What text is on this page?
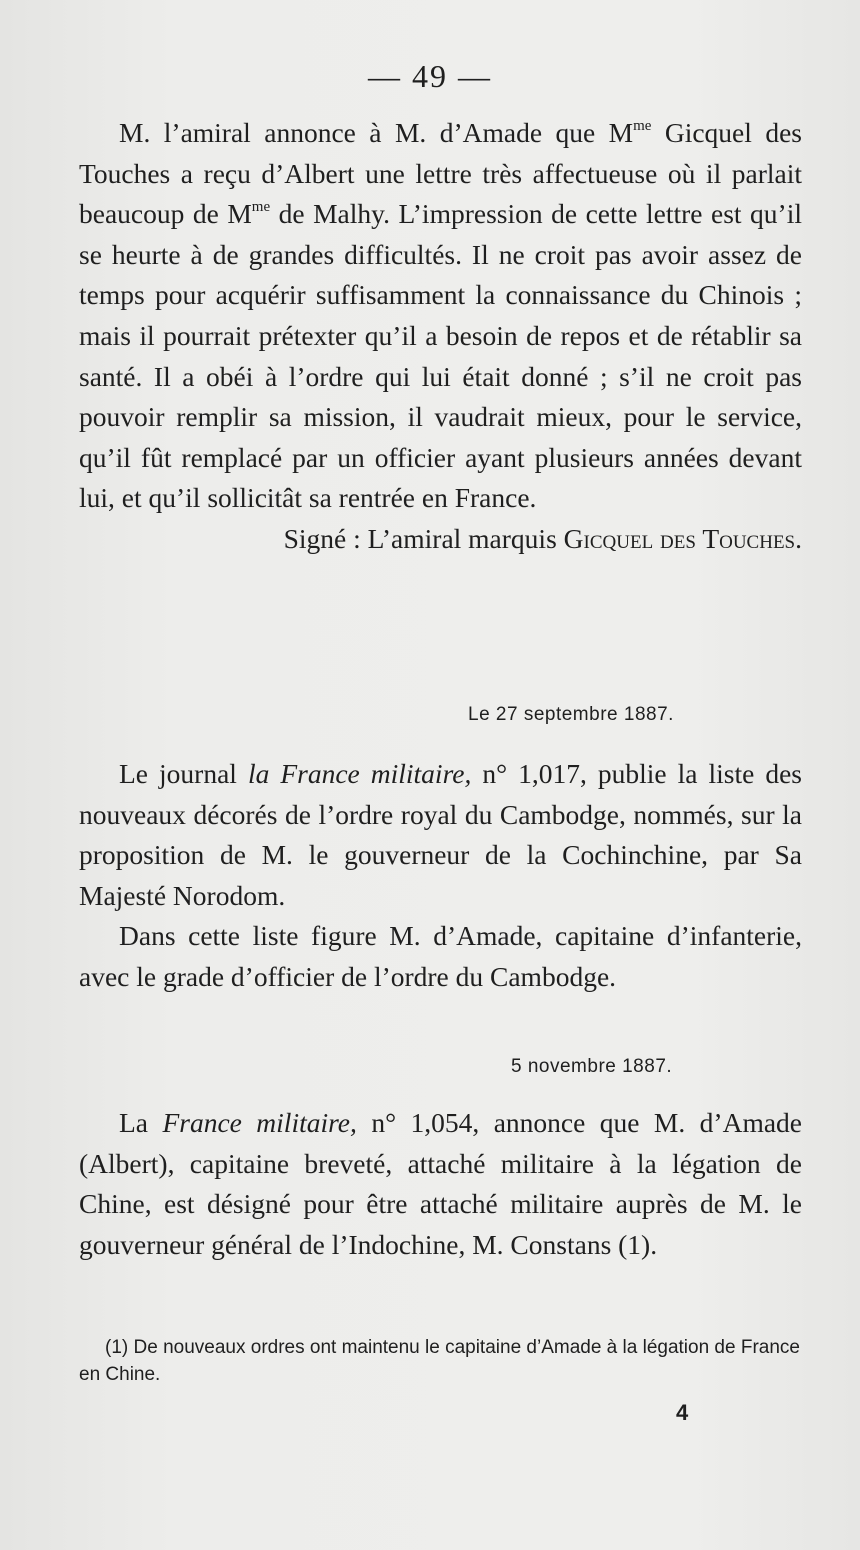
— 49 —

M. l’amiral annonce à M. d’Amade que $M^{me}$ Gicquel des Touches a reçu d’Albert une lettre très affectueuse où il parlait beaucoup de $M^{me}$ de Malhy. L’impression de cette lettre est qu’il se heurte à de grandes difficultés. Il ne croit pas avoir assez de temps pour acquérir suffisamment la connaissance du Chinois ; mais il pourrait prétexter qu’il a besoin de repos et de rétablir sa santé. Il a obéi à l’ordre qui lui était donné ; s’il ne croit pas pouvoir remplir sa mission, il vaudrait mieux, pour le service, qu’il fût remplacé par un officier ayant plusieurs années devant lui, et qu’il sollicitât sa rentrée en France.

Signé : L’amiral marquis Gicquel des Touches.

Le 27 septembre 1887.

Le journal la France militaire, n° 1,017, publie la liste des nouveaux décorés de l’ordre royal du Cambodge, nommés, sur la proposition de M. le gouverneur de la Cochinchine, par Sa Majesté Norodom.

Dans cette liste figure M. d’Amade, capitaine d’infanterie, avec le grade d’officier de l’ordre du Cambodge.

5 novembre 1887.

La France militaire, n° 1,054, annonce que M. d’Amade (Albert), capitaine breveté, attaché militaire à la légation de Chine, est désigné pour être attaché militaire auprès de M. le gouverneur général de l’Indochine, M. Constans (1).

(1) De nouveaux ordres ont maintenu le capitaine d’Amade à la légation de France en Chine.

4
